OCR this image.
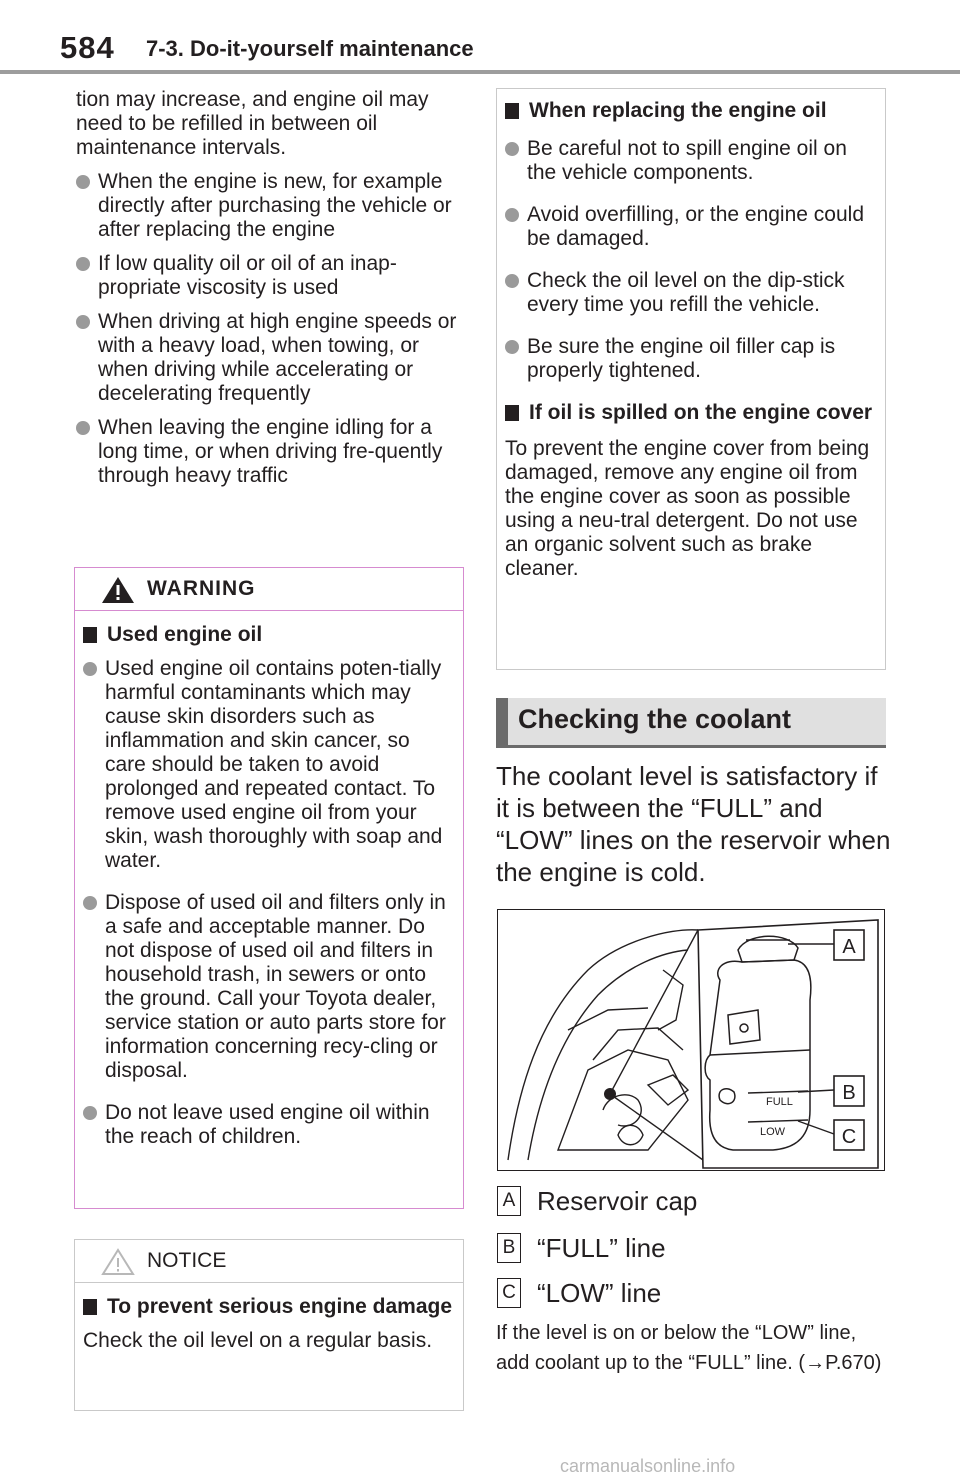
584 7-3. Do-it-yourself maintenance

tion may increase, and engine oil may need to be refilled in between oil maintenance intervals.

When the engine is new, for example directly after purchasing the vehicle or after replacing the engine
If low quality oil or oil of an inap-propriate viscosity is used
When driving at high engine speeds or with a heavy load, when towing, or when driving while accelerating or decelerating frequently
When leaving the engine idling for a long time, or when driving fre-quently through heavy traffic
WARNING
Used engine oil
Used engine oil contains poten-tially harmful contaminants which may cause skin disorders such as inflammation and skin cancer, so care should be taken to avoid prolonged and repeated contact. To remove used engine oil from your skin, wash thoroughly with soap and water.
Dispose of used oil and filters only in a safe and acceptable manner. Do not dispose of used oil and filters in household trash, in sewers or onto the ground. Call your Toyota dealer, service station or auto parts store for information concerning recy-cling or disposal.
Do not leave used engine oil within the reach of children.
NOTICE
To prevent serious engine damage

Check the oil level on a regular basis.

When replacing the engine oil
Be careful not to spill engine oil on the vehicle components.
Avoid overfilling, or the engine could be damaged.
Check the oil level on the dip-stick every time you refill the vehicle.
Be sure the engine oil filler cap is properly tightened.
If oil is spilled on the engine cover

To prevent the engine cover from being damaged, remove any engine oil from the engine cover as soon as possible using a neu-tral detergent. Do not use an organic solvent such as brake cleaner.

Checking the coolant

The coolant level is satisfactory if it is between the “FULL” and “LOW” lines on the reservoir when the engine is cold.

FULL
LOW
A
B
C
A Reservoir cap
B “FULL” line
C “LOW” line

If the level is on or below the “LOW” line, add coolant up to the “FULL” line. (→P.670)

carmanualsonline.info
